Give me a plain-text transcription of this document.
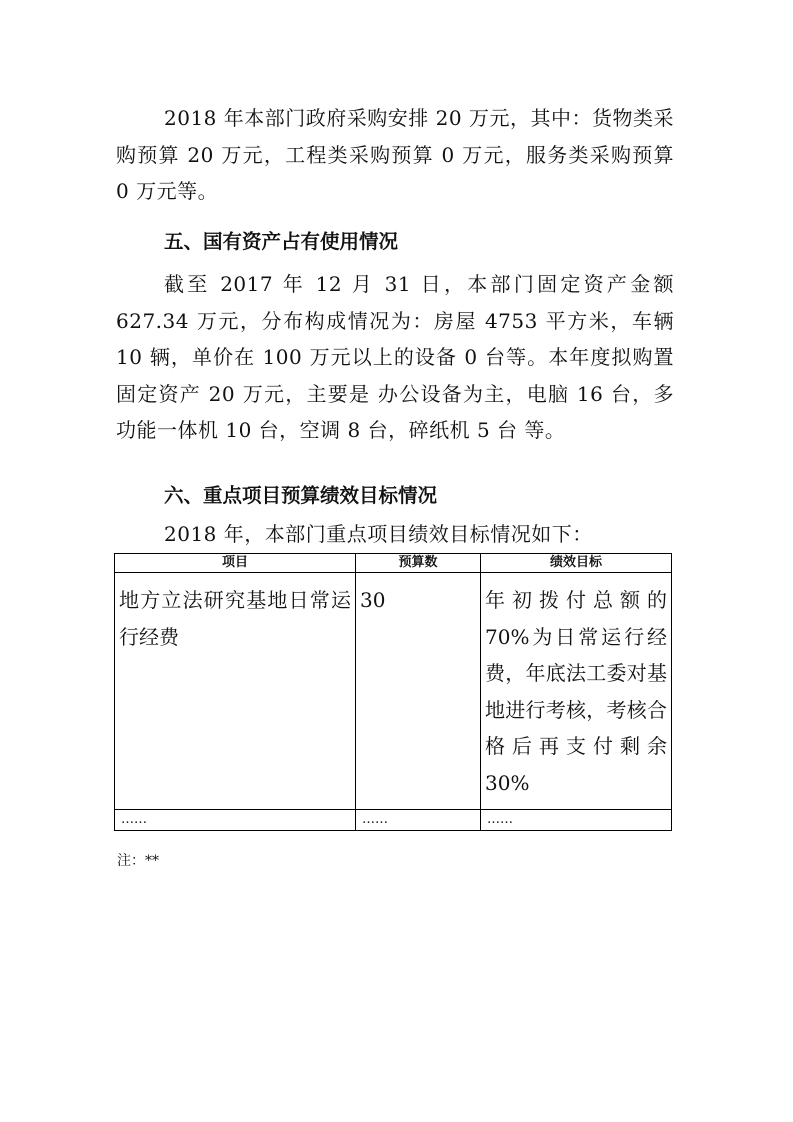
2018 年本部门政府采购安排 20 万元，其中：货物类采购预算 20 万元，工程类采购预算 0 万元，服务类采购预算 0 万元等。

五、国有资产占有使用情况

截至 2017 年 12 月 31 日，本部门固定资产金额 627.34 万元，分布构成情况为：房屋 4753 平方米，车辆 10 辆，单价在 100 万元以上的设备 0 台等。本年度拟购置固定资产 20 万元，主要是 办公设备为主，电脑 16 台，多功能一体机 10 台，空调 8 台，碎纸机 5 台 等。

六、重点项目预算绩效目标情况

2018 年，本部门重点项目绩效目标情况如下：

项目	预算数	绩效目标
地方立法研究基地日常运行经费	30	年初拨付总额的 70%为日常运行经费，年底法工委对基地进行考核，考核合格后再支付剩余 30%
……	……	……

注：**
